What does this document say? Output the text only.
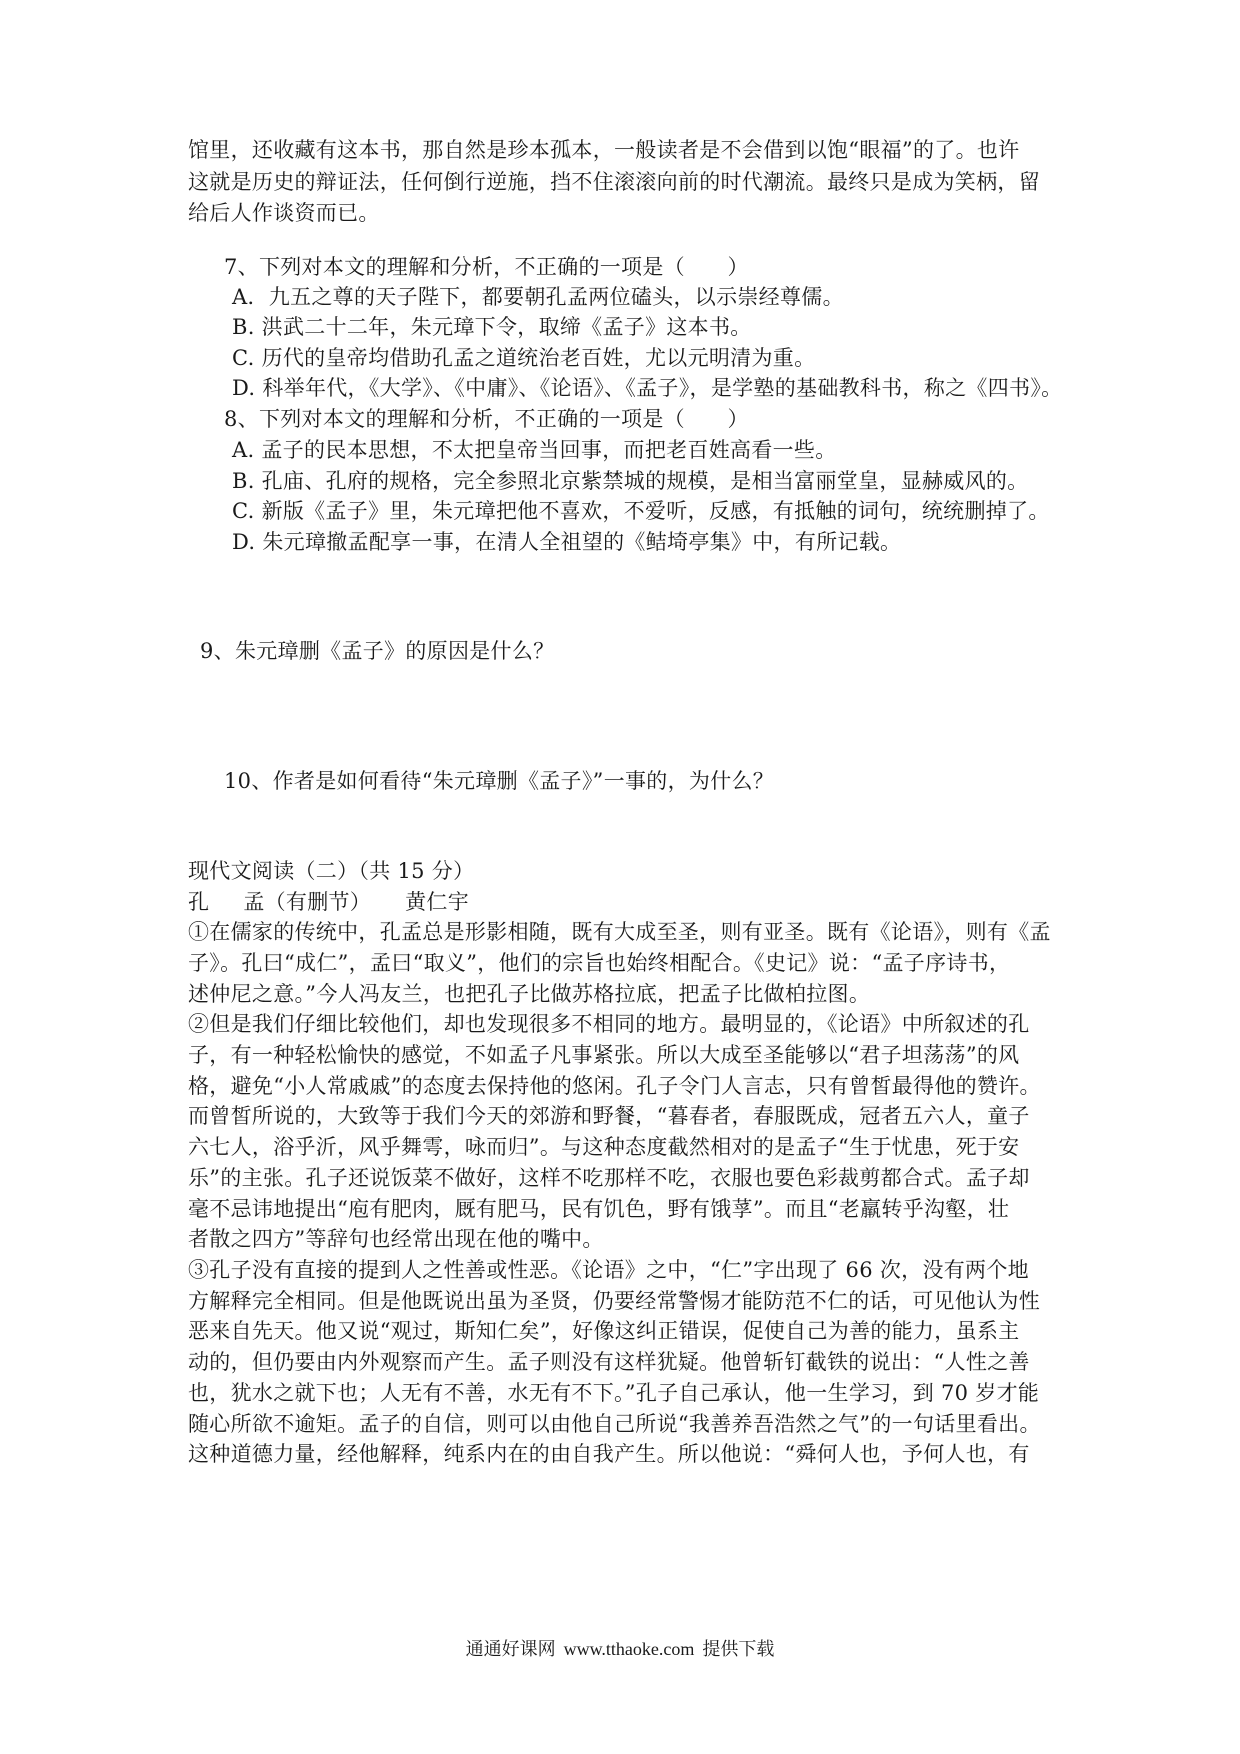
馆里，还收藏有这本书，那自然是珍本孤本，一般读者是不会借到以饱“眼福”的了。也许
这就是历史的辩证法，任何倒行逆施，挡不住滚滚向前的时代潮流。最终只是成为笑柄，留
给后人作谈资而已。
7、下列对本文的理解和分析，不正确的一项是（　　）
A．九五之尊的天子陛下，都要朝孔孟两位磕头，以示崇经尊儒。
B. 洪武二十二年，朱元璋下令，取缔《孟子》这本书。
C. 历代的皇帝均借助孔孟之道统治老百姓，尤以元明清为重。
D. 科举年代，《大学》、《中庸》、《论语》、《孟子》，是学塾的基础教科书，称之《四书》。
8、下列对本文的理解和分析，不正确的一项是（　　）
A. 孟子的民本思想，不太把皇帝当回事，而把老百姓高看一些。
B. 孔庙、孔府的规格，完全参照北京紫禁城的规模，是相当富丽堂皇，显赫威风的。
C. 新版《孟子》里，朱元璋把他不喜欢，不爱听，反感，有抵触的词句，统统删掉了。
D. 朱元璋撤孟配享一事，在清人全祖望的《鲒埼亭集》中，有所记载。
9、朱元璋删《孟子》的原因是什么？
10、作者是如何看待“朱元璋删《孟子》”一事的，为什么？
现代文阅读（二）（共 15 分）
孔 孟（有删节） 黄仁宇
①在儒家的传统中，孔孟总是形影相随，既有大成至圣，则有亚圣。既有《论语》，则有《孟
子》。孔曰“成仁”，孟曰“取义”，他们的宗旨也始终相配合。《史记》说：“孟子序诗书，
述仲尼之意。”今人冯友兰，也把孔子比做苏格拉底，把孟子比做柏拉图。
②但是我们仔细比较他们，却也发现很多不相同的地方。最明显的，《论语》中所叙述的孔
子，有一种轻松愉快的感觉，不如孟子凡事紧张。所以大成至圣能够以“君子坦荡荡”的风
格，避免“小人常戚戚”的态度去保持他的悠闲。孔子令门人言志，只有曾皙最得他的赞许。
而曾皙所说的，大致等于我们今天的郊游和野餐，“暮春者，春服既成，冠者五六人，童子
六七人，浴乎沂，风乎舞雩，咏而归”。与这种态度截然相对的是孟子“生于忧患，死于安
乐”的主张。孔子还说饭菜不做好，这样不吃那样不吃，衣服也要色彩裁剪都合式。孟子却
毫不忌讳地提出“庖有肥肉，厩有肥马，民有饥色，野有饿莩”。而且“老羸转乎沟壑，壮
者散之四方”等辞句也经常出现在他的嘴中。
③孔子没有直接的提到人之性善或性恶。《论语》之中，“仁”字出现了 66 次，没有两个地
方解释完全相同。但是他既说出虽为圣贤，仍要经常警惕才能防范不仁的话，可见他认为性
恶来自先天。他又说“观过，斯知仁矣”，好像这纠正错误，促使自己为善的能力，虽系主
动的，但仍要由内外观察而产生。孟子则没有这样犹疑。他曾斩钉截铁的说出：“人性之善
也，犹水之就下也；人无有不善，水无有不下。”孔子自己承认，他一生学习，到 70 岁才能
随心所欲不逾矩。孟子的自信，则可以由他自己所说“我善养吾浩然之气”的一句话里看出。
这种道德力量，经他解释，纯系内在的由自我产生。所以他说：“舜何人也，予何人也，有
通通好课网 www.tthaoke.com 提供下载
